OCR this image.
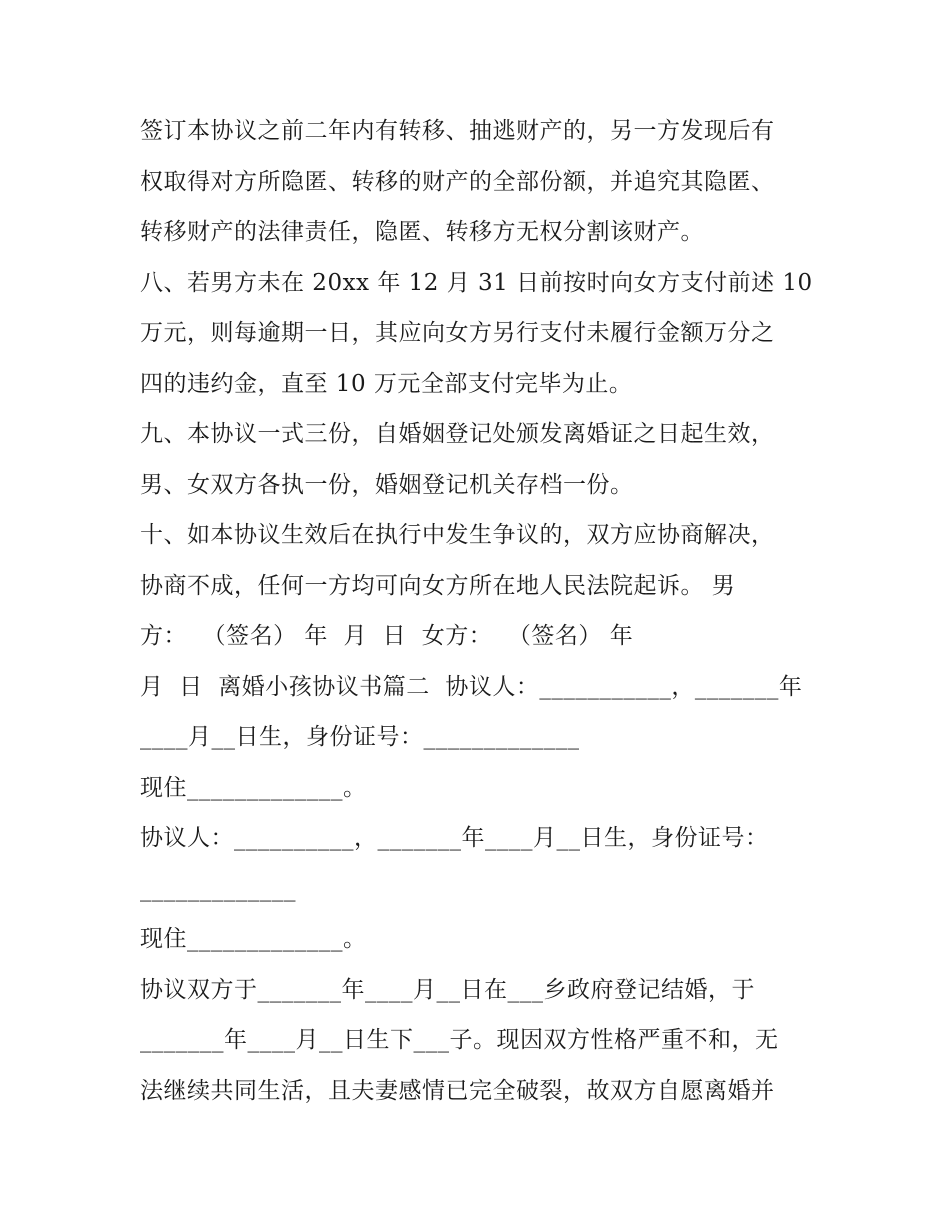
签订本协议之前二年内有转移、抽逃财产的，另一方发现后有
权取得对方所隐匿、转移的财产的全部份额，并追究其隐匿、
转移财产的法律责任，隐匿、转移方无权分割该财产。
八、若男方未在 20xx 年 12 月 31 日前按时向女方支付前述 10
万元，则每逾期一日，其应向女方另行支付未履行金额万分之
四的违约金，直至 10 万元全部支付完毕为止。
九、本协议一式三份，自婚姻登记处颁发离婚证之日起生效，
男、女双方各执一份，婚姻登记机关存档一份。
十、如本协议生效后在执行中发生争议的，双方应协商解决，
协商不成，任何一方均可向女方所在地人民法院起诉。 男
方：  （签名） 年  月  日  女方：  （签名） 年
月  日  离婚小孩协议书篇二  协议人：___________，_______年
____月__日生，身份证号：_____________
现住_____________。
协议人：__________，_______年____月__日生，身份证号：
_____________
现住_____________。
协议双方于_______年____月__日在___乡政府登记结婚，于
_______年____月__日生下___子。现因双方性格严重不和，无
法继续共同生活，且夫妻感情已完全破裂，故双方自愿离婚并
